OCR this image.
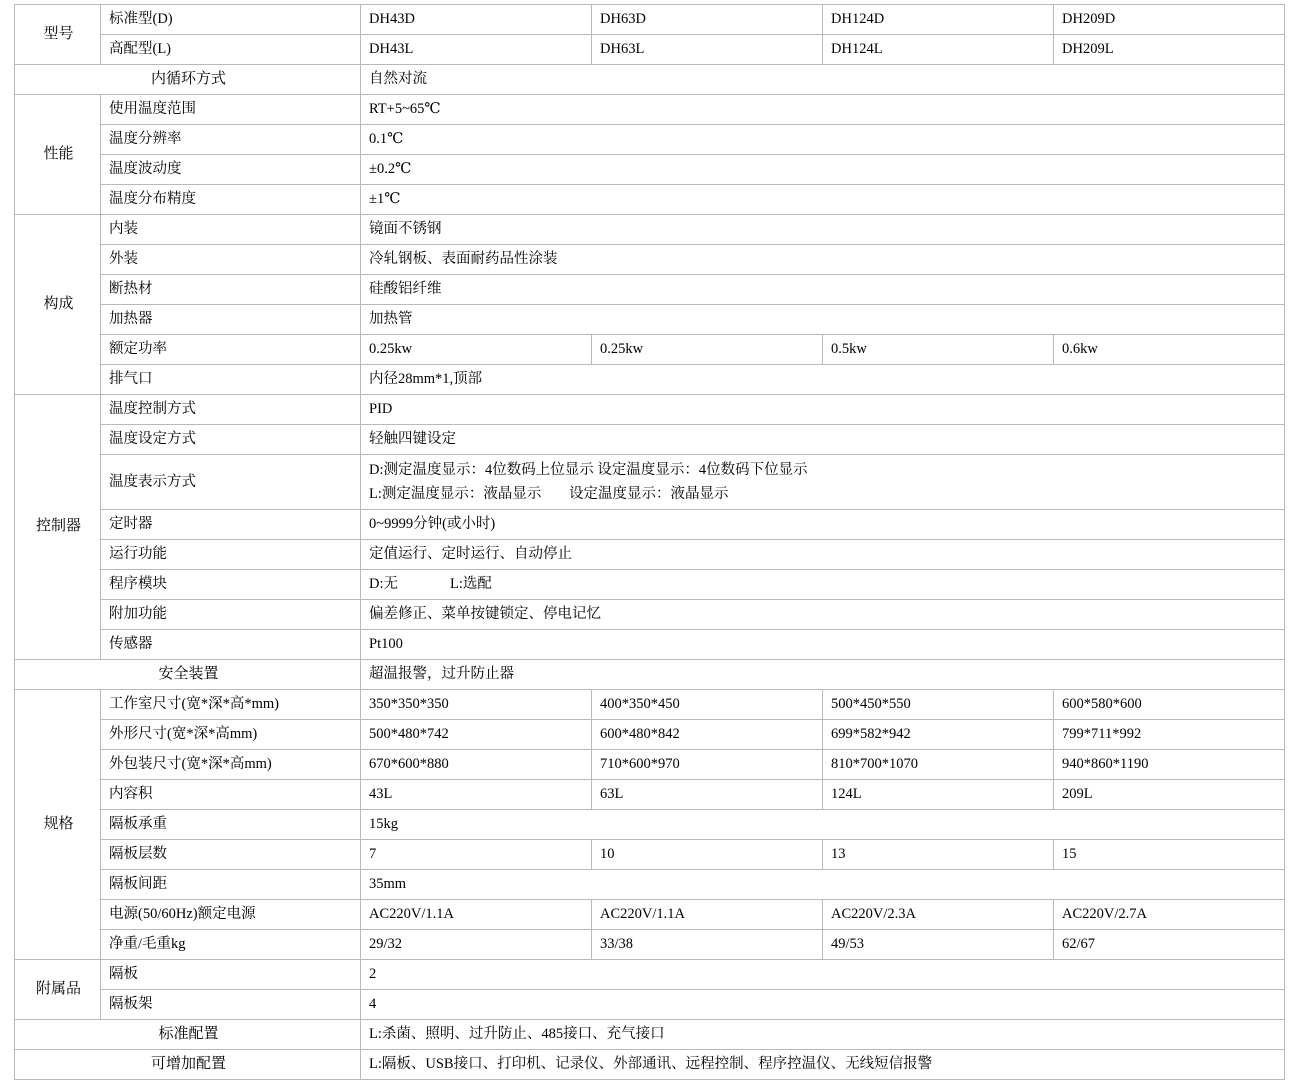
型号	标准型(D)	DH43D	DH63D	DH124D	DH209D
	高配型(L)	DH43L	DH63L	DH124L	DH209L
内循环方式		自然对流			
性能	使用温度范围	RT+5~65℃			
	温度分辨率	0.1℃			
	温度波动度	±0.2℃			
	温度分布精度	±1℃			
构成	内装	镜面不锈钢			
	外装	冷轧钢板、表面耐药品性涂装			
	断热材	硅酸铝纤维			
	加热器	加热管			
	额定功率	0.25kw	0.25kw	0.5kw	0.6kw
	排气口	内径28mm*1,顶部			
控制器	温度控制方式	PID			
	温度设定方式	轻触四键设定			
	温度表示方式	D:测定温度显示：4位数码上位显示 设定温度显示：4位数码下位显示
L:测定温度显示：液晶显示 设定温度显示：液晶显示			

	定时器	0~9999分钟(或小时)			
	运行功能	定值运行、定时运行、自动停止			
	程序模块	D:无 L:选配			
	附加功能	偏差修正、菜单按键锁定、停电记忆			
	传感器	Pt100			
安全装置		超温报警，过升防止器			
规格	工作室尺寸(宽*深*高*mm)	350*350*350	400*350*450	500*450*550	600*580*600
	外形尺寸(宽*深*高mm)	500*480*742	600*480*842	699*582*942	799*711*992
	外包装尺寸(宽*深*高mm)	670*600*880	710*600*970	810*700*1070	940*860*1190
	内容积	43L	63L	124L	209L
	隔板承重	15kg			
	隔板层数	7	10	13	15
	隔板间距	35mm			
	电源(50/60Hz)额定电源	AC220V/1.1A	AC220V/1.1A	AC220V/2.3A	AC220V/2.7A
	净重/毛重kg	29/32	33/38	49/53	62/67
附属品	隔板	2			
	隔板架	4			
标准配置		L:杀菌、照明、过升防止、485接口、充气接口			
可增加配置		L:隔板、USB接口、打印机、记录仪、外部通讯、远程控制、程序控温仪、无线短信报警			
